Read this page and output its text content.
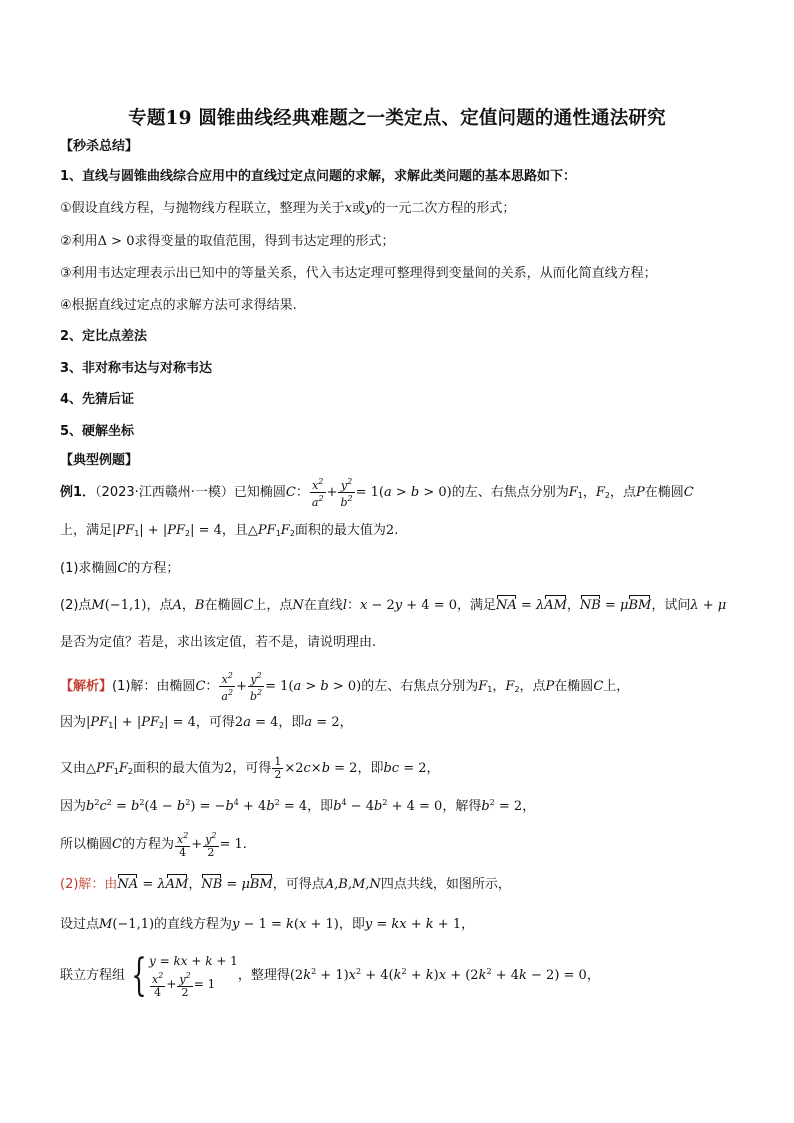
专题19 圆锥曲线经典难题之一类定点、定值问题的通性通法研究
【秒杀总结】
1、直线与圆锥曲线综合应用中的直线过定点问题的求解，求解此类问题的基本思路如下：
①假设直线方程，与抛物线方程联立，整理为关于x或y的一元二次方程的形式；
②利用Δ > 0求得变量的取值范围，得到韦达定理的形式；
③利用韦达定理表示出已知中的等量关系，代入韦达定理可整理得到变量间的关系，从而化简直线方程；
④根据直线过定点的求解方法可求得结果.
2、定比点差法
3、非对称韦达与对称韦达
4、先猜后证
5、硬解坐标
【典型例题】
例1．（2023·江西赣州·一模）已知椭圆C： $\frac{x^2}{a^2} + \frac{y^2}{b^2} = 1(a > b > 0)$的左、右焦点分别为$F_1$，$F_2$，点P在椭圆C
上，满足$|PF_1| + |PF_2| = 4$，且$\triangle PF_1F_2$面积的最大值为2.
(1)求椭圆C的方程；
(2)点M(−1,1)，点A，B在椭圆C上，点N在直线l：x − 2y + 4 = 0，满足NA = λAM，NB = μBM，试问λ + μ
是否为定值？若是，求出该定值，若不是，请说明理由.
【解析】(1)解：由椭圆C： $\frac{x^2}{a^2} + \frac{y^2}{b^2} = 1(a > b > 0)$的左、右焦点分别为$F_1$，$F_2$，点P在椭圆C上，
因为$|PF_1| + |PF_2| = 4$，可得2a = 4，即a = 2，
又由$\triangle PF_1F_2$面积的最大值为2，可得 $\frac{1}{2} \times 2c\times b = 2$，即bc = 2，
因为$b^2c^2 = b^2(4 - b^2) = -b^4 + 4b^2 = 4$，即$b^4 - 4b^2 + 4 = 0$，解得$b^2 = 2$，
所以椭圆C的方程为 $\frac{x^2}{4} + \frac{y^2}{2} = 1$.
(2)解：由NA = λAM，NB = μBM，可得点A,B,M,N四点共线，如图所示，
设过点M(−1,1)的直线方程为y − 1 = k(x + 1)，即y = kx + k + 1，
联立方程组 { y = kx + k + 1
$\frac{x^2}{4} + \frac{y^2}{2} = 1$
，整理得$(2k^2 + 1)x^2 + 4(k^2 + k)x + (2k^2 + 4k - 2) = 0$，
